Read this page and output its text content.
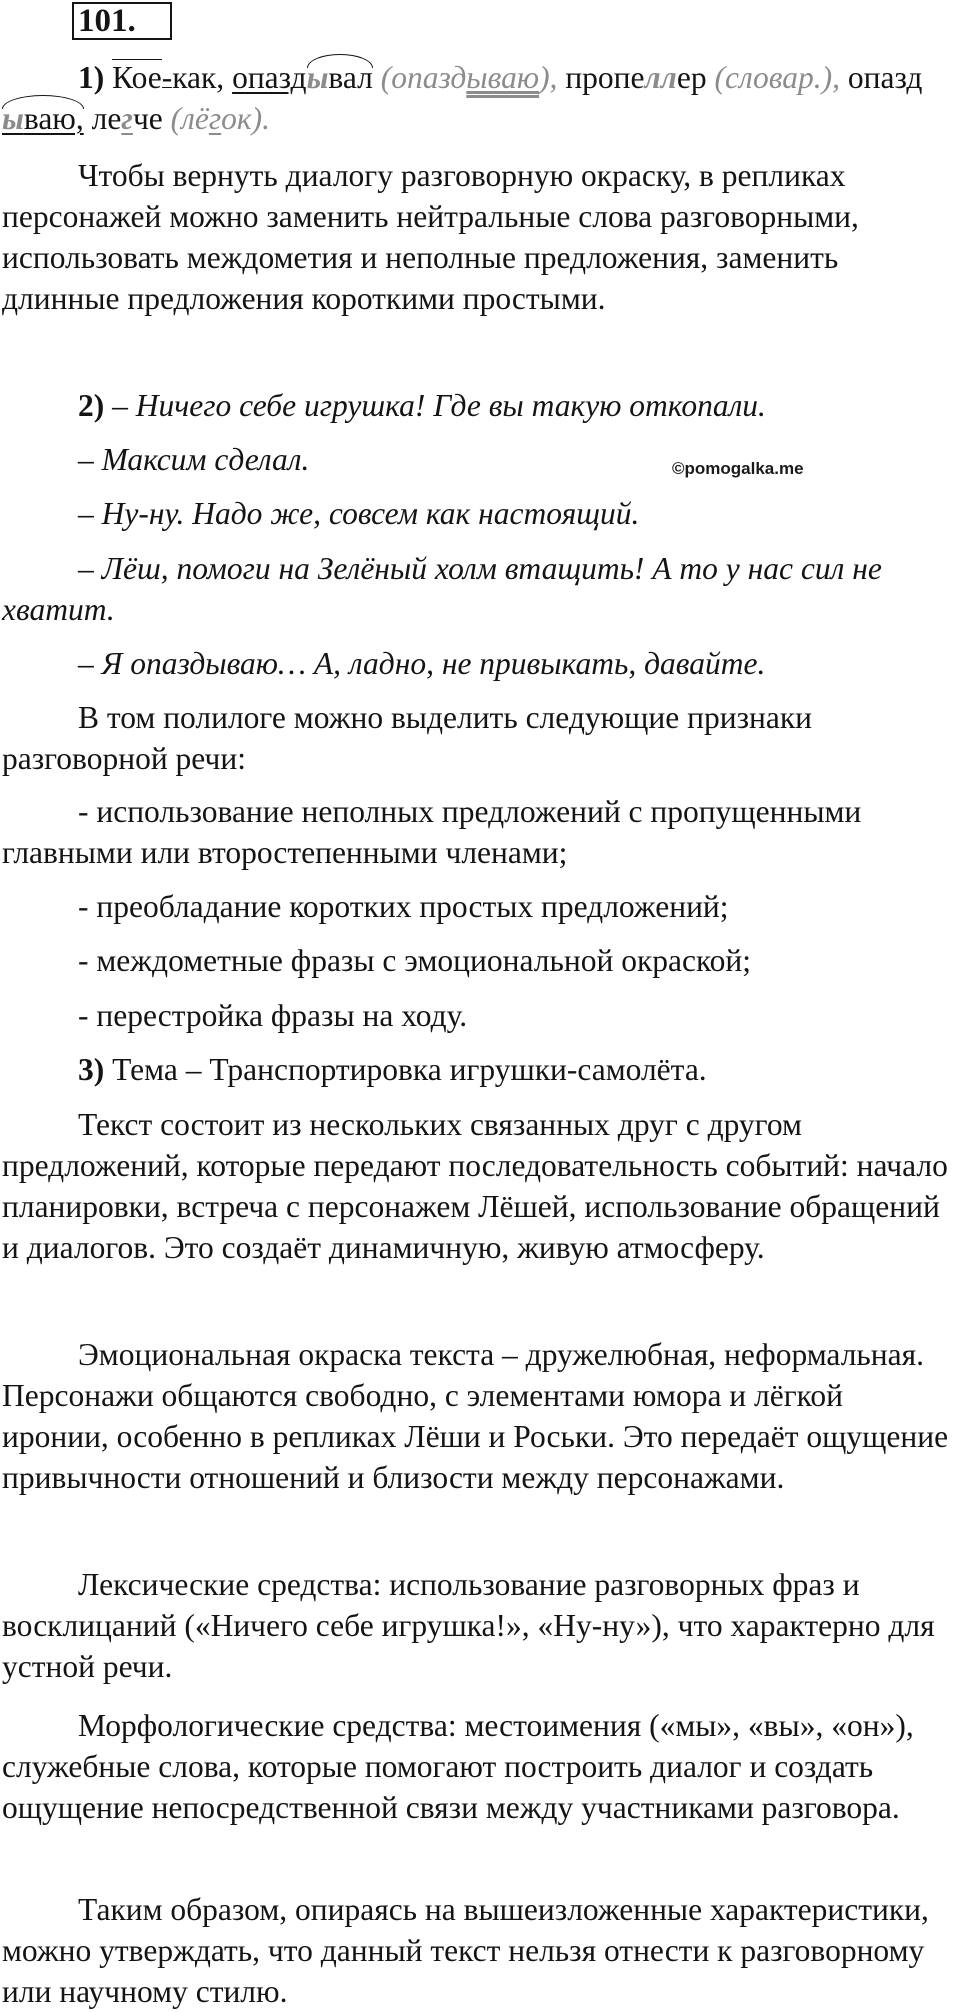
101.

1) Кое-как, опаздывал (опаздываю), пропеллер (словар.), опаздываю, легче (лёгок).

Чтобы вернуть диалогу разговорную окраску, в репликах персонажей можно заменить нейтральные слова разговорными, использовать междометия и неполные предложения, заменить длинные предложения короткими простыми.

2) – Ничего себе игрушка! Где вы такую откопали.

– Максим сделал.	©pomogalka.me

– Ну-ну. Надо же, совсем как настоящий.

– Лёш, помоги на Зелёный холм втащить! А то у нас сил не хватит.

– Я опаздываю… А, ладно, не привыкать, давайте.

В том полилоге можно выделить следующие признаки разговорной речи:

- использование неполных предложений с пропущенными главными или второстепенными членами;

- преобладание коротких простых предложений;

- междометные фразы с эмоциональной окраской;

- перестройка фразы на ходу.

3) Тема – Транспортировка игрушки-самолёта.

Текст состоит из нескольких связанных друг с другом предложений, которые передают последовательность событий: начало планировки, встреча с персонажем Лёшей, использование обращений и диалогов. Это создаёт динамичную, живую атмосферу.

Эмоциональная окраска текста – дружелюбная, неформальная. Персонажи общаются свободно, с элементами юмора и лёгкой иронии, особенно в репликах Лёши и Роськи. Это передаёт ощущение привычности отношений и близости между персонажами.

Лексические средства: использование разговорных фраз и восклицаний («Ничего себе игрушка!», «Ну-ну»), что характерно для устной речи.

Морфологические средства: местоимения («мы», «вы», «он»), служебные слова, которые помогают построить диалог и создать ощущение непосредственной связи между участниками разговора.

Таким образом, опираясь на вышеизложенные характеристики, можно утверждать, что данный текст нельзя отнести к разговорному или научному стилю.
